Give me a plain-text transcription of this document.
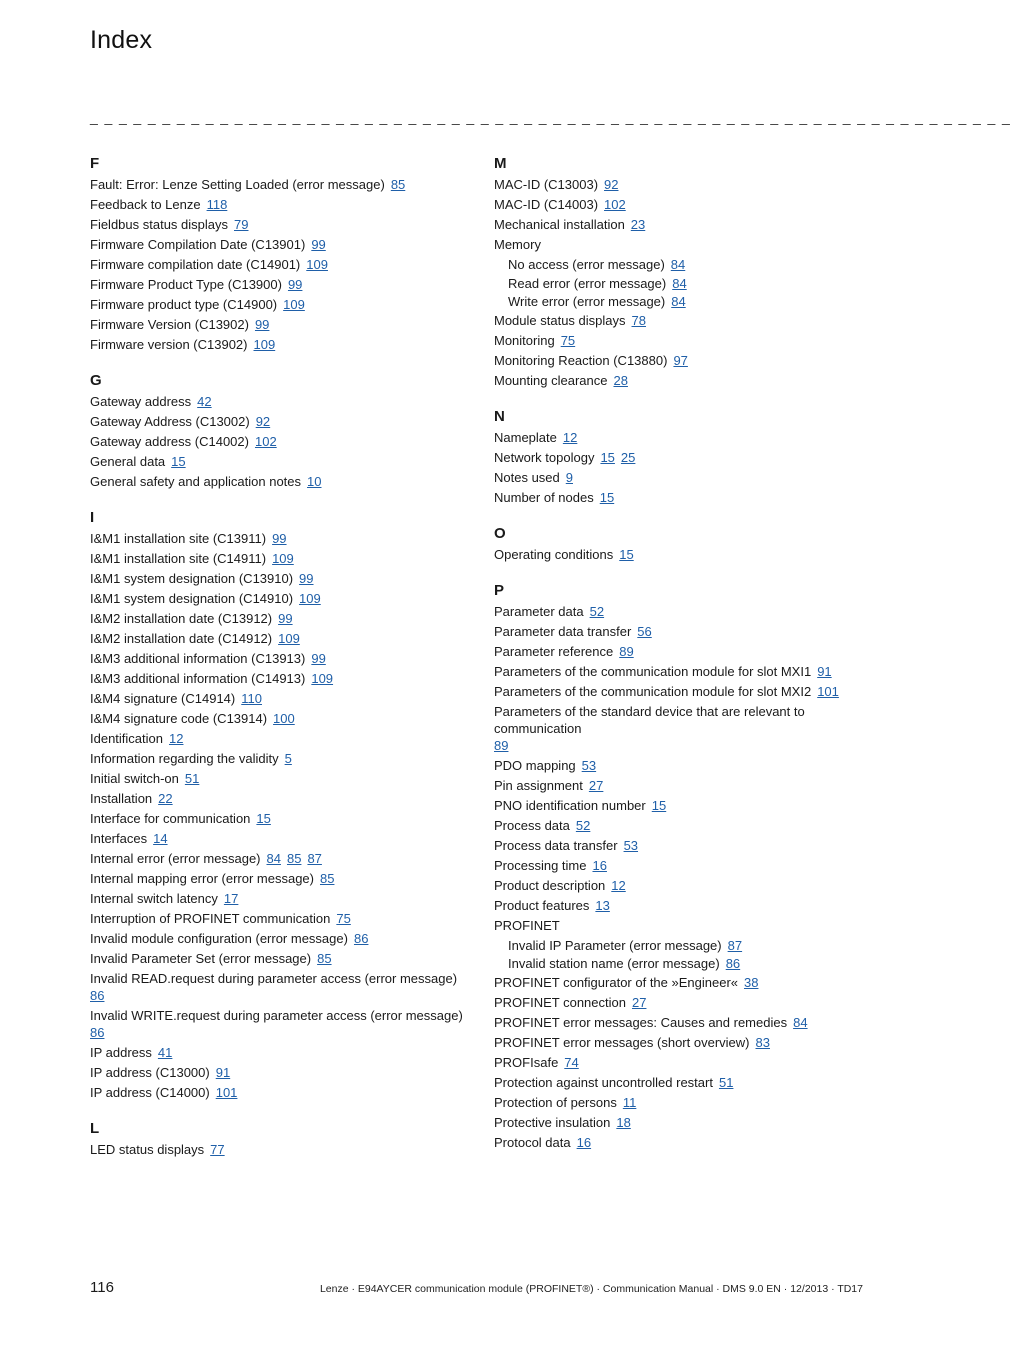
Index
_ _ _ _ _ _ _ _ _ _ _ _ _ _ _ _ _ _ _ _ _ _ _ _ _ _ _ _ _ _ _ _ _ _ _ _ _ _ _ _ _ _ _ _ _ _ _ _ _ _ _ _ _ _ _ _ _ _ _ _ _ _ _ _
F
Fault: Error: Lenze Setting Loaded (error message) 85
Feedback to Lenze 118
Fieldbus status displays 79
Firmware Compilation Date (C13901) 99
Firmware compilation date (C14901) 109
Firmware Product Type (C13900) 99
Firmware product type (C14900) 109
Firmware Version (C13902) 99
Firmware version (C13902) 109
G
Gateway address 42
Gateway Address (C13002) 92
Gateway address (C14002) 102
General data 15
General safety and application notes 10
I
I&M1 installation site (C13911) 99
I&M1 installation site (C14911) 109
I&M1 system designation (C13910) 99
I&M1 system designation (C14910) 109
I&M2 installation date (C13912) 99
I&M2 installation date (C14912) 109
I&M3 additional information (C13913) 99
I&M3 additional information (C14913) 109
I&M4 signature (C14914) 110
I&M4 signature code (C13914) 100
Identification 12
Information regarding the validity 5
Initial switch-on 51
Installation 22
Interface for communication 15
Interfaces 14
Internal error (error message) 84 85 87
Internal mapping error (error message) 85
Internal switch latency 17
Interruption of PROFINET communication 75
Invalid module configuration (error message) 86
Invalid Parameter Set (error message) 85
Invalid READ.request during parameter access (error message)
86
Invalid WRITE.request during parameter access (error message)
86
IP address 41
IP address (C13000) 91
IP address (C14000) 101
L
LED status displays 77
M
MAC-ID (C13003) 92
MAC-ID (C14003) 102
Mechanical installation 23
Memory
No access (error message) 84
Read error (error message) 84
Write error (error message) 84
Module status displays 78
Monitoring 75
Monitoring Reaction (C13880) 97
Mounting clearance 28
N
Nameplate 12
Network topology 15 25
Notes used 9
Number of nodes 15
O
Operating conditions 15
P
Parameter data 52
Parameter data transfer 56
Parameter reference 89
Parameters of the communication module for slot MXI1 91
Parameters of the communication module for slot MXI2 101
Parameters of the standard device that are relevant to communication
89
PDO mapping 53
Pin assignment 27
PNO identification number 15
Process data 52
Process data transfer 53
Processing time 16
Product description 12
Product features 13
PROFINET
Invalid IP Parameter (error message) 87
Invalid station name (error message) 86
PROFINET configurator of the »Engineer« 38
PROFINET connection 27
PROFINET error messages: Causes and remedies 84
PROFINET error messages (short overview) 83
PROFIsafe 74
Protection against uncontrolled restart 51
Protection of persons 11
Protective insulation 18
Protocol data 16
116	Lenze · E94AYCER communication module (PROFINET®) · Communication Manual · DMS 9.0 EN · 12/2013 · TD17
